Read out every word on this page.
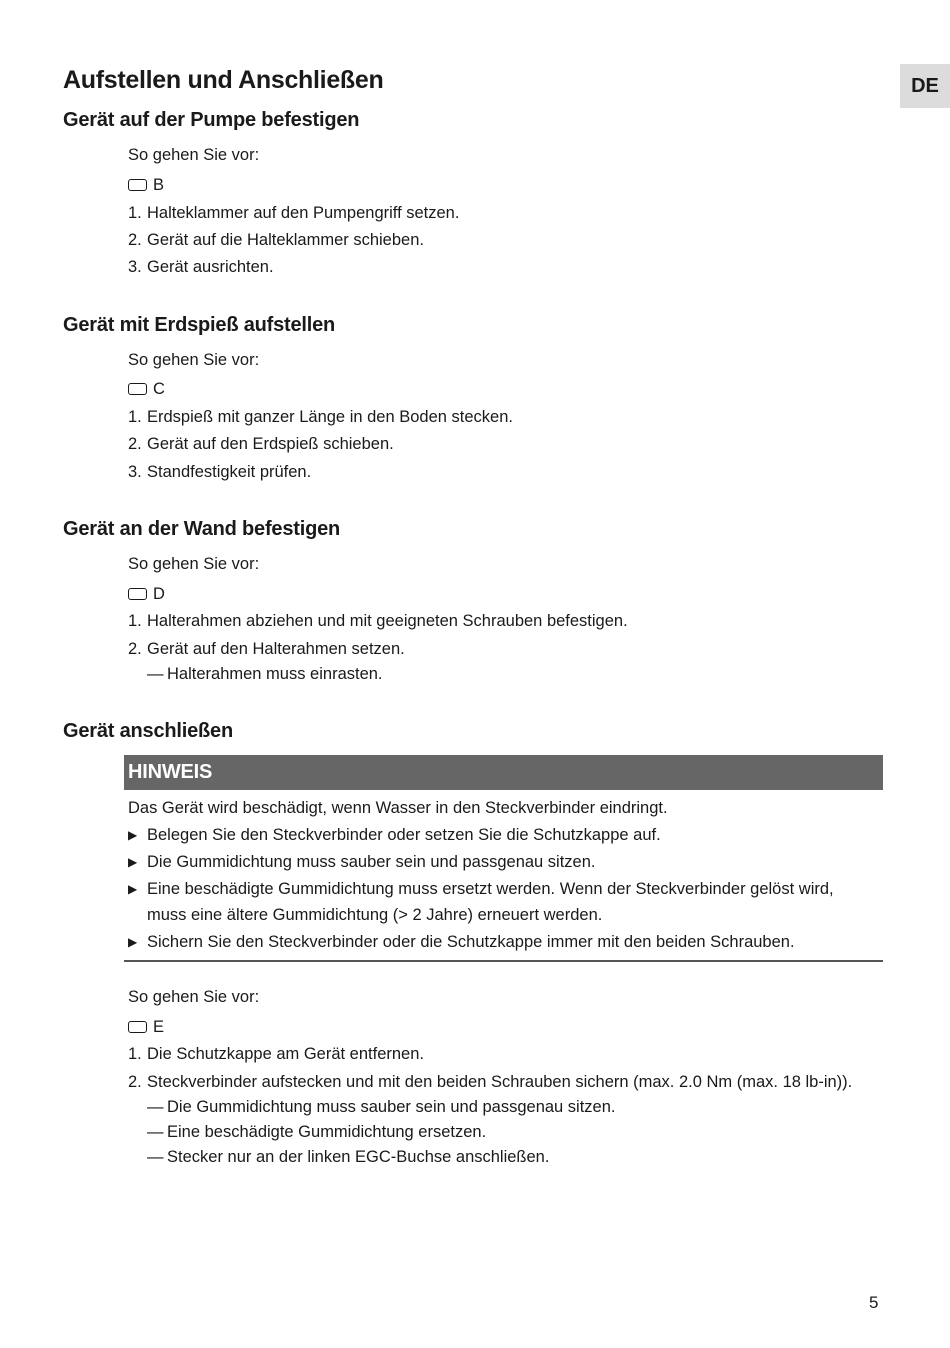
DE
Aufstellen und Anschließen
Gerät auf der Pumpe befestigen
So gehen Sie vor:
B
1. Halteklammer auf den Pumpengriff setzen.
2. Gerät auf die Halteklammer schieben.
3. Gerät ausrichten.
Gerät mit Erdspieß aufstellen
So gehen Sie vor:
C
1. Erdspieß mit ganzer Länge in den Boden stecken.
2. Gerät auf den Erdspieß schieben.
3. Standfestigkeit prüfen.
Gerät an der Wand befestigen
So gehen Sie vor:
D
1. Halterahmen abziehen und mit geeigneten Schrauben befestigen.
2. Gerät auf den Halterahmen setzen.
— Halterahmen muss einrasten.
Gerät anschließen
HINWEIS
Das Gerät wird beschädigt, wenn Wasser in den Steckverbinder eindringt.
▶ Belegen Sie den Steckverbinder oder setzen Sie die Schutzkappe auf.
▶ Die Gummidichtung muss sauber sein und passgenau sitzen.
▶ Eine beschädigte Gummidichtung muss ersetzt werden. Wenn der Steckverbinder gelöst wird,
muss eine ältere Gummidichtung (> 2 Jahre) erneuert werden.
▶ Sichern Sie den Steckverbinder oder die Schutzkappe immer mit den beiden Schrauben.
So gehen Sie vor:
E
1. Die Schutzkappe am Gerät entfernen.
2. Steckverbinder aufstecken und mit den beiden Schrauben sichern (max. 2.0 Nm (max. 18 lb-in)).
— Die Gummidichtung muss sauber sein und passgenau sitzen.
— Eine beschädigte Gummidichtung ersetzen.
— Stecker nur an der linken EGC-Buchse anschließen.
5
